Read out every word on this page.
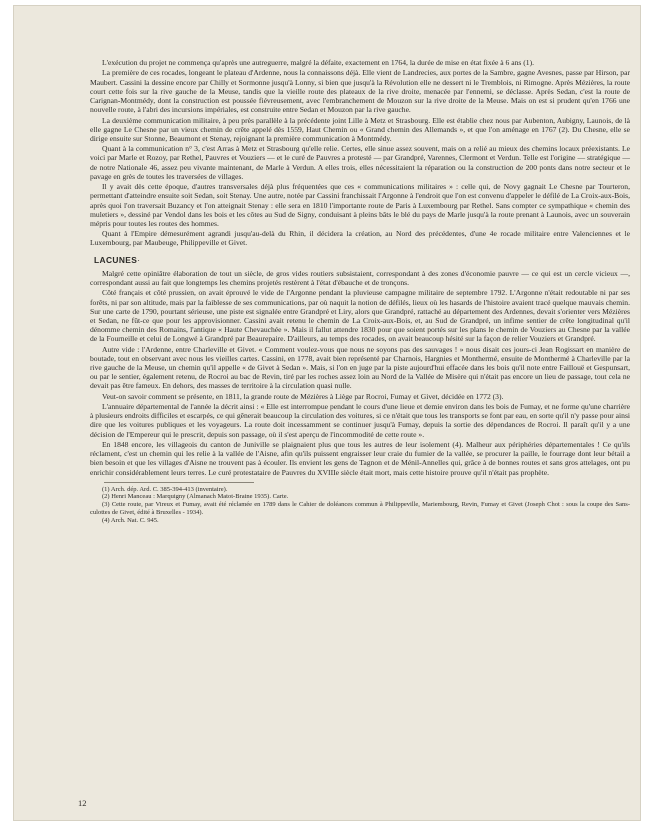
L'exécution du projet ne commença qu'après une autreguerre, malgré la défaite, exactement en 1764, la durée de mise en état fixée à 6 ans (1).

La première de ces rocades, longeant le plateau d'Ardenne, nous la connaissons déjà. Elle vient de Landrecies, aux portes de la Sambre, gagne Avesnes, passe par Hirson, par Maubert. Cassini la dessine encore par Chilly et Sormonne jusqu'à Lonny, si bien que jusqu'à la Révolution elle ne dessert ni le Tremblois, ni Rimogne. Après Mézières, la route court cette fois sur la rive gauche de la Meuse, tandis que la vieille route des plateaux de la rive droite, menacée par l'ennemi, se déclasse. Après Sedan, c'est la route de Carignan-Montmédy, dont la construction est poussée fiévreusement, avec l'embranchement de Mouzon sur la rive droite de la Meuse. Mais on est si prudent qu'en 1766 une nouvelle route, à l'abri des incursions impériales, est construite entre Sedan et Mouzon par la rive gauche.

La deuxième communication militaire, à peu près parallèle à la précédente joint Lille à Metz et Strasbourg. Elle est établie chez nous par Aubenton, Aubigny, Launois, de là elle gagne Le Chesne par un vieux chemin de crête appelé dès 1559, Haut Chemin ou « Grand chemin des Allemands », et que l'on aménage en 1767 (2). Du Chesne, elle se dirige ensuite sur Stonne, Beaumont et Stenay, rejoignant la première communication à Montmédy.

Quant à la communication n° 3, c'est Arras à Metz et Strasbourg qu'elle relie. Certes, elle sinue assez souvent, mais on a relié au mieux des chemins locaux préexistants. Le voici par Marle et Rozoy, par Rethel, Pauvres et Vouziers — et le curé de Pauvres a protesté — par Grandpré, Varennes, Clermont et Verdun. Telle est l'origine — stratégique — de notre Nationale 46, assez peu vivante maintenant, de Marle à Verdun. A elles trois, elles nécessitaient la réparation ou la construction de 200 ponts dans notre secteur et le pavage en grès de toutes les traversées de villages.

Il y avait dès cette époque, d'autres transversales déjà plus fréquentées que ces « communications militaires » : celle qui, de Novy gagnait Le Chesne par Tourteron, permettant d'atteindre ensuite soit Sedan, soit Stenay. Une autre, notée par Cassini franchissait l'Argonne à l'endroit que l'on est convenu d'appeler le défilé de La Croix-aux-Bois, après quoi l'on traversait Buzancy et l'on atteignait Stenay : elle sera en 1810 l'importante route de Paris à Luxembourg par Rethel. Sans compter ce sympathique « chemin des muletiers », dessiné par Vendol dans les bois et les côtes au Sud de Signy, conduisant à pleins bâts le blé du pays de Marle jusqu'à la route prenant à Launois, avec un souverain mépris pour toutes les routes des hommes.

Quant à l'Empire démesurément agrandi jusqu'au-delà du Rhin, il décidera la création, au Nord des précédentes, d'une 4e rocade militaire entre Valenciennes et le Luxembourg, par Maubeuge, Philippeville et Givet.

LACUNES·

Malgré cette opiniâtre élaboration de tout un siècle, de gros vides routiers subsistaient, correspondant à des zones d'économie pauvre — ce qui est un cercle vicieux —, correspondant aussi au fait que longtemps les chemins projetés restèrent à l'état d'ébauche et de tronçons.

Côté français et côté prussien, on avait éprouvé le vide de l'Argonne pendant la pluvieuse campagne militaire de septembre 1792. L'Argonne n'était redoutable ni par ses forêts, ni par son altitude, mais par la faiblesse de ses communications, par où naquit la notion de défilés, lieux où les hasards de l'histoire avaient tracé quelque mauvais chemin. Sur une carte de 1790, pourtant sérieuse, une piste est signalée entre Grandpré et Liry, alors que Grandpré, rattaché au département des Ardennes, devait s'orienter vers Mézières et Sedan, ne fût-ce que pour les approvisionner. Cassini avait retenu le chemin de La Croix-aux-Bois, et, au Sud de Grandpré, un infime sentier de crête longitudinal qu'il dénomme chemin des Romains, l'antique « Haute Chevauchée ». Mais il fallut attendre 1830 pour que soient portés sur les plans le chemin de Vouziers au Chesne par la vallée de la Fourneille et celui de Longwé à Grandpré par Beaurepaire. D'ailleurs, au temps des rocades, on avait beaucoup hésité sur la façon de relier Vouziers et Grandpré.

Autre vide : l'Ardenne, entre Charleville et Givet. « Comment voulez-vous que nous ne soyons pas des sauvages ! » nous disait ces jours-ci Jean Rogissart en manière de boutade, tout en observant avec nous les vieilles cartes. Cassini, en 1778, avait bien représenté par Charnois, Hargnies et Monthermé, ensuite de Monthermé à Charleville par la rive gauche de la Meuse, un chemin qu'il appelle « de Givet à Sedan ». Mais, si l'on en juge par la piste aujourd'hui effacée dans les bois qu'il note entre Faillouë et Gespunsart, ou par le sentier, également retenu, de Rocroi au bac de Revin, tiré par les roches assez loin au Nord de la Vallée de Misère qui n'était pas encore un lieu de passage, tout cela ne devait pas être fameux. En dehors, des masses de territoire à la circulation quasi nulle.

Veut-on savoir comment se présente, en 1811, la grande route de Mézières à Liège par Rocroi, Fumay et Givet, décidée en 1772 (3).

L'annuaire départemental de l'année la décrit ainsi : « Elle est interrompue pendant le cours d'une lieue et demie environ dans les bois de Fumay, et ne forme qu'une charrière à plusieurs endroits difficiles et escarpés, ce qui gênerait beaucoup la circulation des voitures, si ce n'était que tous les transports se font par eau, en sorte qu'il n'y passe pour ainsi dire que les voitures publiques et les voyageurs. La route doit incessamment se continuer jusqu'à Fumay, depuis la sortie des dépendances de Rocroi. Il paraît qu'il y a une décision de l'Empereur qui le prescrit, depuis son passage, où il s'est aperçu de l'incommodité de cette route ».

En 1848 encore, les villageois du canton de Juniville se plaignaient plus que tous les autres de leur isolement (4). Malheur aux périphéries départementales ! Ce qu'ils réclament, c'est un chemin qui les relie à la vallée de l'Aisne, afin qu'ils puissent engraisser leur craie du fumier de la vallée, se procurer la paille, le fourrage dont leur bétail a bien besoin et que les villages d'Aisne ne trouvent pas à écouler. Ils envient les gens de Tagnon et de Ménil-Annelles qui, grâce à de bonnes routes et sans gros attelages, ont pu enrichir considérablement leurs terres. Le curé protestataire de Pauvres du XVIIIe siècle était mort, mais cette histoire prouve qu'il n'était pas prophète.

(1) Arch. dép. Ard. C. 385-394-413 (inventaire).
(2) Henri Manceau : Marquigny (Almanach Matot-Braine 1935). Carte.
(3) Cette route, par Vireux et Fumay, avait été réclamée en 1789 dans le Cahier de doléances commun à Philippeville, Mariembourg, Revin, Fumay et Givet (Joseph Chot : sous la coupe des Sans-culottes de Givet, édité à Bruxelles - 1934).
(4) Arch. Nat. C. 945.
12
